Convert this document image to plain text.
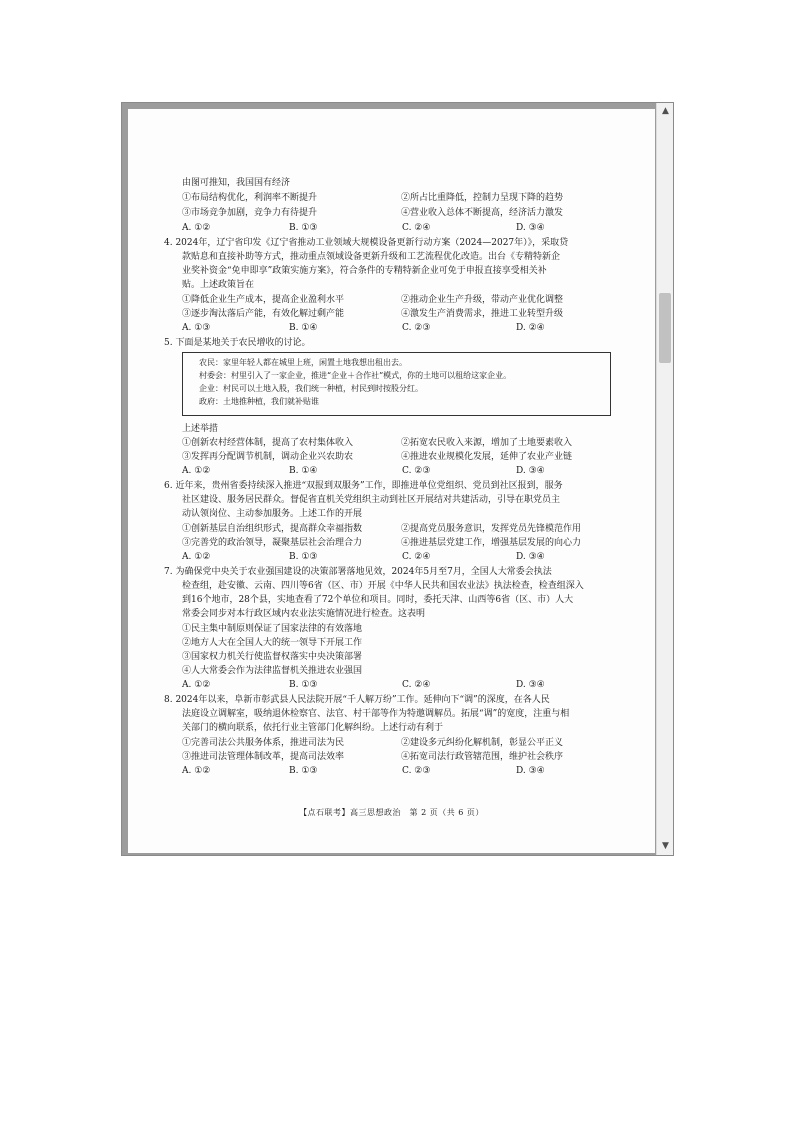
由图可推知，我国国有经济
①布局结构优化，利润率不断提升	②所占比重降低，控制力呈现下降的趋势
③市场竞争加剧，竞争力有待提升	④营业收入总体不断提高，经济活力激发
A. ①②	B. ①③	C. ②④	D. ③④
4. 2024年，辽宁省印发《辽宁省推动工业领域大规模设备更新行动方案（2024—2027年）》，采取贷
款贴息和直接补助等方式，推动重点领域设备更新升级和工艺流程优化改造。出台《专精特新企
业奖补资金“免申即享”政策实施方案》，符合条件的专精特新企业可免于申报直接享受相关补
贴。上述政策旨在
①降低企业生产成本，提高企业盈利水平	②推动企业生产升级，带动产业优化调整
③逐步淘汰落后产能，有效化解过剩产能	④激发生产消费需求，推进工业转型升级
A. ①③	B. ①④	C. ②③	D. ②④
5. 下面是某地关于农民增收的讨论。
农民：家里年轻人都在城里上班，闲置土地我想出租出去。
村委会：村里引入了一家企业，推进“企业＋合作社”模式，你的土地可以租给这家企业。
企业：村民可以土地入股，我们统一种植，村民到时按股分红。
政府：土地推种植，我们就补贴谁
上述举措
①创新农村经营体制，提高了农村集体收入	②拓宽农民收入来源，增加了土地要素收入
③发挥再分配调节机制，调动企业兴农助农	④推进农业规模化发展，延伸了农业产业链
A. ①②	B. ①④	C. ②③	D. ③④
6. 近年来，贵州省委持续深入推进“双报到双服务”工作，即推进单位党组织、党员到社区报到，服务
社区建设、服务居民群众。督促省直机关党组织主动到社区开展结对共建活动，引导在职党员主
动认领岗位、主动参加服务。上述工作的开展
①创新基层自治组织形式，提高群众幸福指数	②提高党员服务意识，发挥党员先锋模范作用
③完善党的政治领导，凝聚基层社会治理合力	④推进基层党建工作，增强基层发展的向心力
A. ①②	B. ①③	C. ②④	D. ③④
7. 为确保党中央关于农业强国建设的决策部署落地见效，2024年5月至7月，全国人大常委会执法
检查组，赴安徽、云南、四川等6省（区、市）开展《中华人民共和国农业法》执法检查，检查组深入
到16个地市，28个县，实地查看了72个单位和项目。同时，委托天津、山西等6省（区、市）人大
常委会同步对本行政区域内农业法实施情况进行检查。这表明
①民主集中制原则保证了国家法律的有效落地
②地方人大在全国人大的统一领导下开展工作
③国家权力机关行使监督权落实中央决策部署
④人大常委会作为法律监督机关推进农业强国
A. ①②	B. ①③	C. ②④	D. ③④
8. 2024年以来，阜新市彰武县人民法院开展“千人解万纷”工作。延伸向下“调”的深度，在各人民
法庭设立调解室，吸纳退休检察官、法官、村干部等作为特邀调解员。拓展“调”的宽度，注重与相
关部门的横向联系，依托行业主管部门化解纠纷。上述行动有利于
①完善司法公共服务体系，推进司法为民	②建设多元纠纷化解机制，彰显公平正义
③推进司法管理体制改革，提高司法效率	④拓宽司法行政管辖范围，维护社会秩序
A. ①②	B. ①③	C. ②③	D. ③④
【点石联考】高三思想政治　第 2 页（共 6 页）
▲
▼
